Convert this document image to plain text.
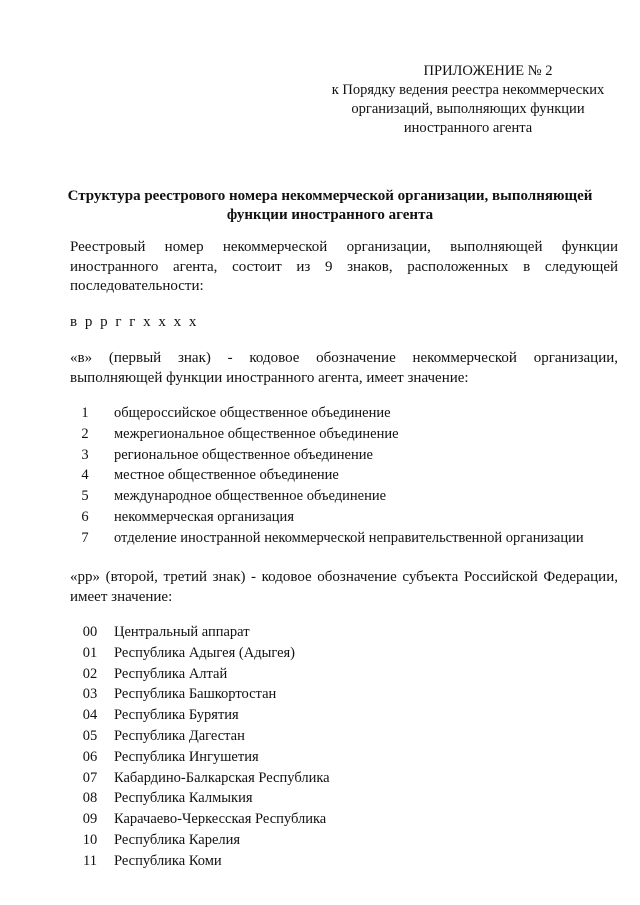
ПРИЛОЖЕНИЕ № 2
к Порядку ведения реестра некоммерческих
организаций, выполняющих функции
иностранного агента
Структура реестрового номера некоммерческой организации, выполняющей
функции иностранного агента
Реестровый номер некоммерческой организации, выполняющей функции иностранного агента, состоит из 9 знаков, расположенных в следующей последовательности:
в р р г г х х х х
«в» (первый знак) - кодовое обозначение некоммерческой организации, выполняющей функции иностранного агента, имеет значение:
1 общероссийское общественное объединение
2 межрегиональное общественное объединение
3 региональное общественное объединение
4 местное общественное объединение
5 международное общественное объединение
6 некоммерческая организация
7 отделение иностранной некоммерческой неправительственной организации
«рр» (второй, третий знак) - кодовое обозначение субъекта Российской Федерации, имеет значение:
00 Центральный аппарат
01 Республика Адыгея (Адыгея)
02 Республика Алтай
03 Республика Башкортостан
04 Республика Бурятия
05 Республика Дагестан
06 Республика Ингушетия
07 Кабардино-Балкарская Республика
08 Республика Калмыкия
09 Карачаево-Черкесская Республика
10 Республика Карелия
11 Республика Коми
